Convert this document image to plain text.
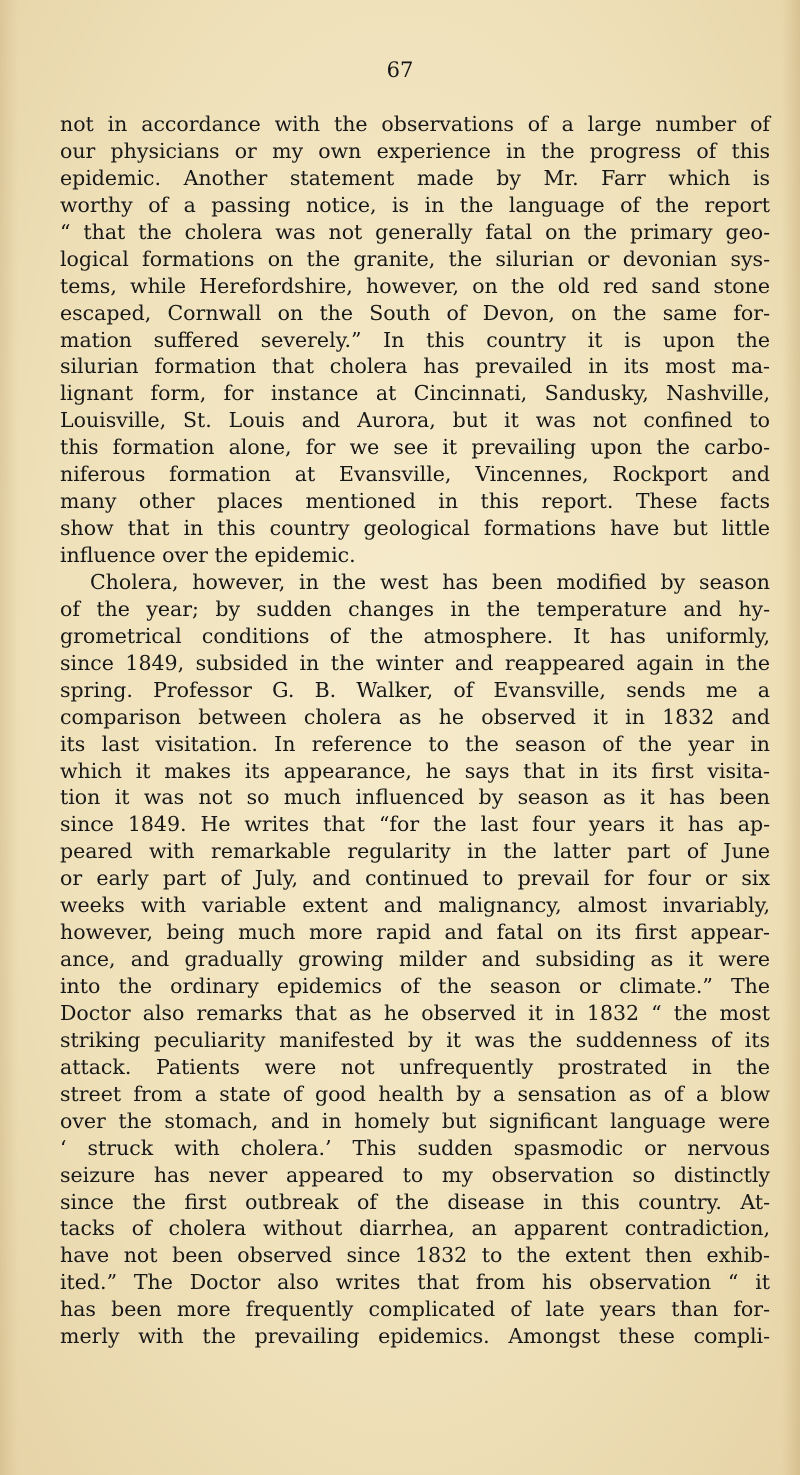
67
not in accordance with the observations of a large number of
our physicians or my own experience in the progress of this
epidemic. Another statement made by Mr. Farr which is
worthy of a passing notice, is in the language of the report
“ that the cholera was not generally fatal on the primary geo-
logical formations on the granite, the silurian or devonian sys-
tems, while Herefordshire, however, on the old red sand stone
escaped, Cornwall on the South of Devon, on the same for-
mation suffered severely.” In this country it is upon the
silurian formation that cholera has prevailed in its most ma-
lignant form, for instance at Cincinnati, Sandusky, Nashville,
Louisville, St. Louis and Aurora, but it was not confined to
this formation alone, for we see it prevailing upon the carbo-
niferous formation at Evansville, Vincennes, Rockport and
many other places mentioned in this report. These facts
show that in this country geological formations have but little
influence over the epidemic.
Cholera, however, in the west has been modified by season
of the year; by sudden changes in the temperature and hy-
grometrical conditions of the atmosphere. It has uniformly,
since 1849, subsided in the winter and reappeared again in the
spring. Professor G. B. Walker, of Evansville, sends me a
comparison between cholera as he observed it in 1832 and
its last visitation. In reference to the season of the year in
which it makes its appearance, he says that in its first visita-
tion it was not so much influenced by season as it has been
since 1849. He writes that “for the last four years it has ap-
peared with remarkable regularity in the latter part of June
or early part of July, and continued to prevail for four or six
weeks with variable extent and malignancy, almost invariably,
however, being much more rapid and fatal on its first appear-
ance, and gradually growing milder and subsiding as it were
into the ordinary epidemics of the season or climate.” The
Doctor also remarks that as he observed it in 1832 “ the most
striking peculiarity manifested by it was the suddenness of its
attack. Patients were not unfrequently prostrated in the
street from a state of good health by a sensation as of a blow
over the stomach, and in homely but significant language were
‘ struck with cholera.’ This sudden spasmodic or nervous
seizure has never appeared to my observation so distinctly
since the first outbreak of the disease in this country. At-
tacks of cholera without diarrhea, an apparent contradiction,
have not been observed since 1832 to the extent then exhib-
ited.” The Doctor also writes that from his observation “ it
has been more frequently complicated of late years than for-
merly with the prevailing epidemics. Amongst these compli-
